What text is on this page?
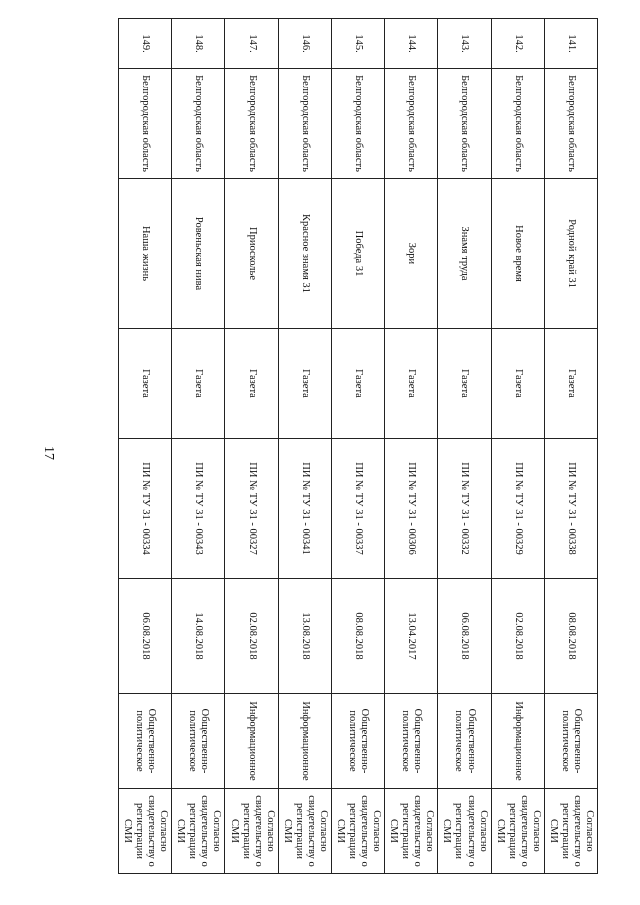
17
141.	Белгородская область	Родной край 31	Газета	ПИ № ТУ 31 - 00338	08.08.2018	Общественно-политическое	Согласно свидетельству о регистрации СМИ
142.	Белгородская область	Новое время	Газета	ПИ № ТУ 31 - 00329	02.08.2018	Информационное	Согласно свидетельству о регистрации СМИ
143.	Белгородская область	Знамя труда	Газета	ПИ № ТУ 31 - 00332	06.08.2018	Общественно-политическое	Согласно свидетельству о регистрации СМИ
144.	Белгородская область	Зори	Газета	ПИ № ТУ 31 - 00306	13.04.2017	Общественно-политическое	Согласно свидетельству о регистрации СМИ
145.	Белгородская область	Победа 31	Газета	ПИ № ТУ 31 - 00337	08.08.2018	Общественно-политическое	Согласно свидетельству о регистрации СМИ
146.	Белгородская область	Красное знамя 31	Газета	ПИ № ТУ 31 - 00341	13.08.2018	Информационное	Согласно свидетельству о регистрации СМИ
147.	Белгородская область	Приосколье	Газета	ПИ № ТУ 31 - 00327	02.08.2018	Информационное	Согласно свидетельству о регистрации СМИ
148.	Белгородская область	Ровеньская нива	Газета	ПИ № ТУ 31 - 00343	14.08.2018	Общественно-политическое	Согласно свидетельству о регистрации СМИ
149.	Белгородская область	Наша жизнь	Газета	ПИ № ТУ 31 - 00334	06.08.2018	Общественно-политическое	Согласно свидетельству о регистрации СМИ
